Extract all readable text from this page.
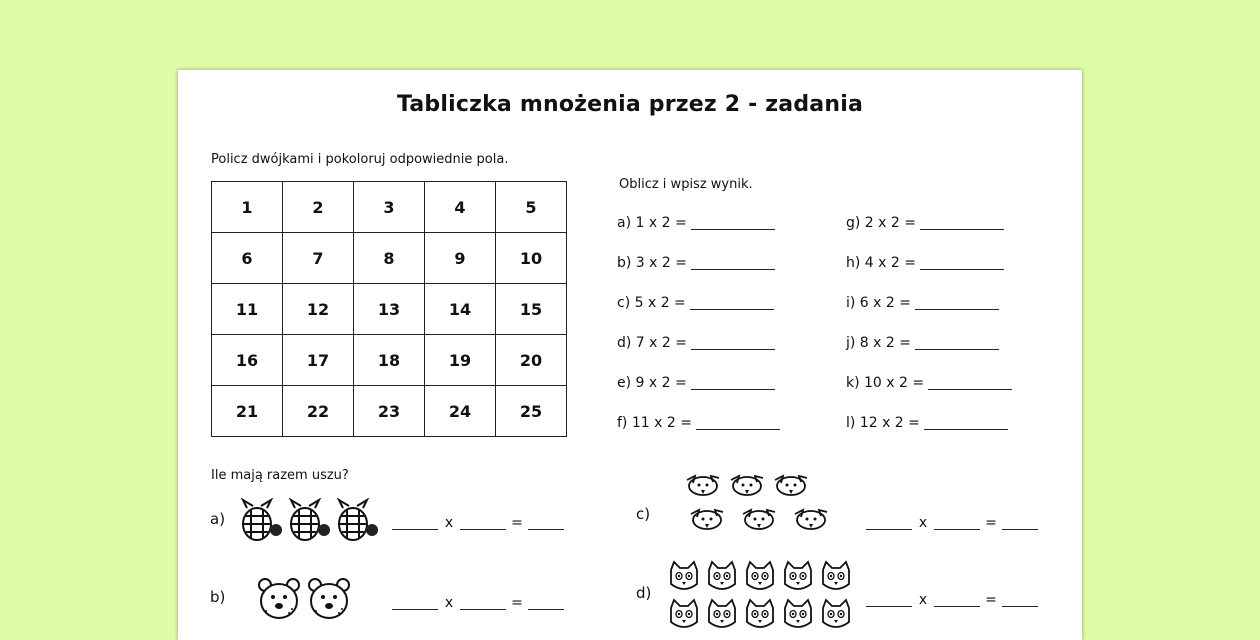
Tabliczka mnożenia przez 2 - zadania
Policz dwójkami i pokoloruj odpowiednie pola.
1	2	3	4	5
6	7	8	9	10
11	12	13	14	15
16	17	18	19	20
21	22	23	24	25
Oblicz i wpisz wynik.
a) 1 x 2 =
b) 3 x 2 =
c) 5 x 2 =
d) 7 x 2 =
e) 9 x 2 =
f) 11 x 2 =
g) 2 x 2 =
h) 4 x 2 =
i) 6 x 2 =
j) 8 x 2 =
k) 10 x 2 =
l) 12 x 2 =
Ile mają razem uszu?
a)	x	=
b)	x	=
c)	x	=
d)	x	=
